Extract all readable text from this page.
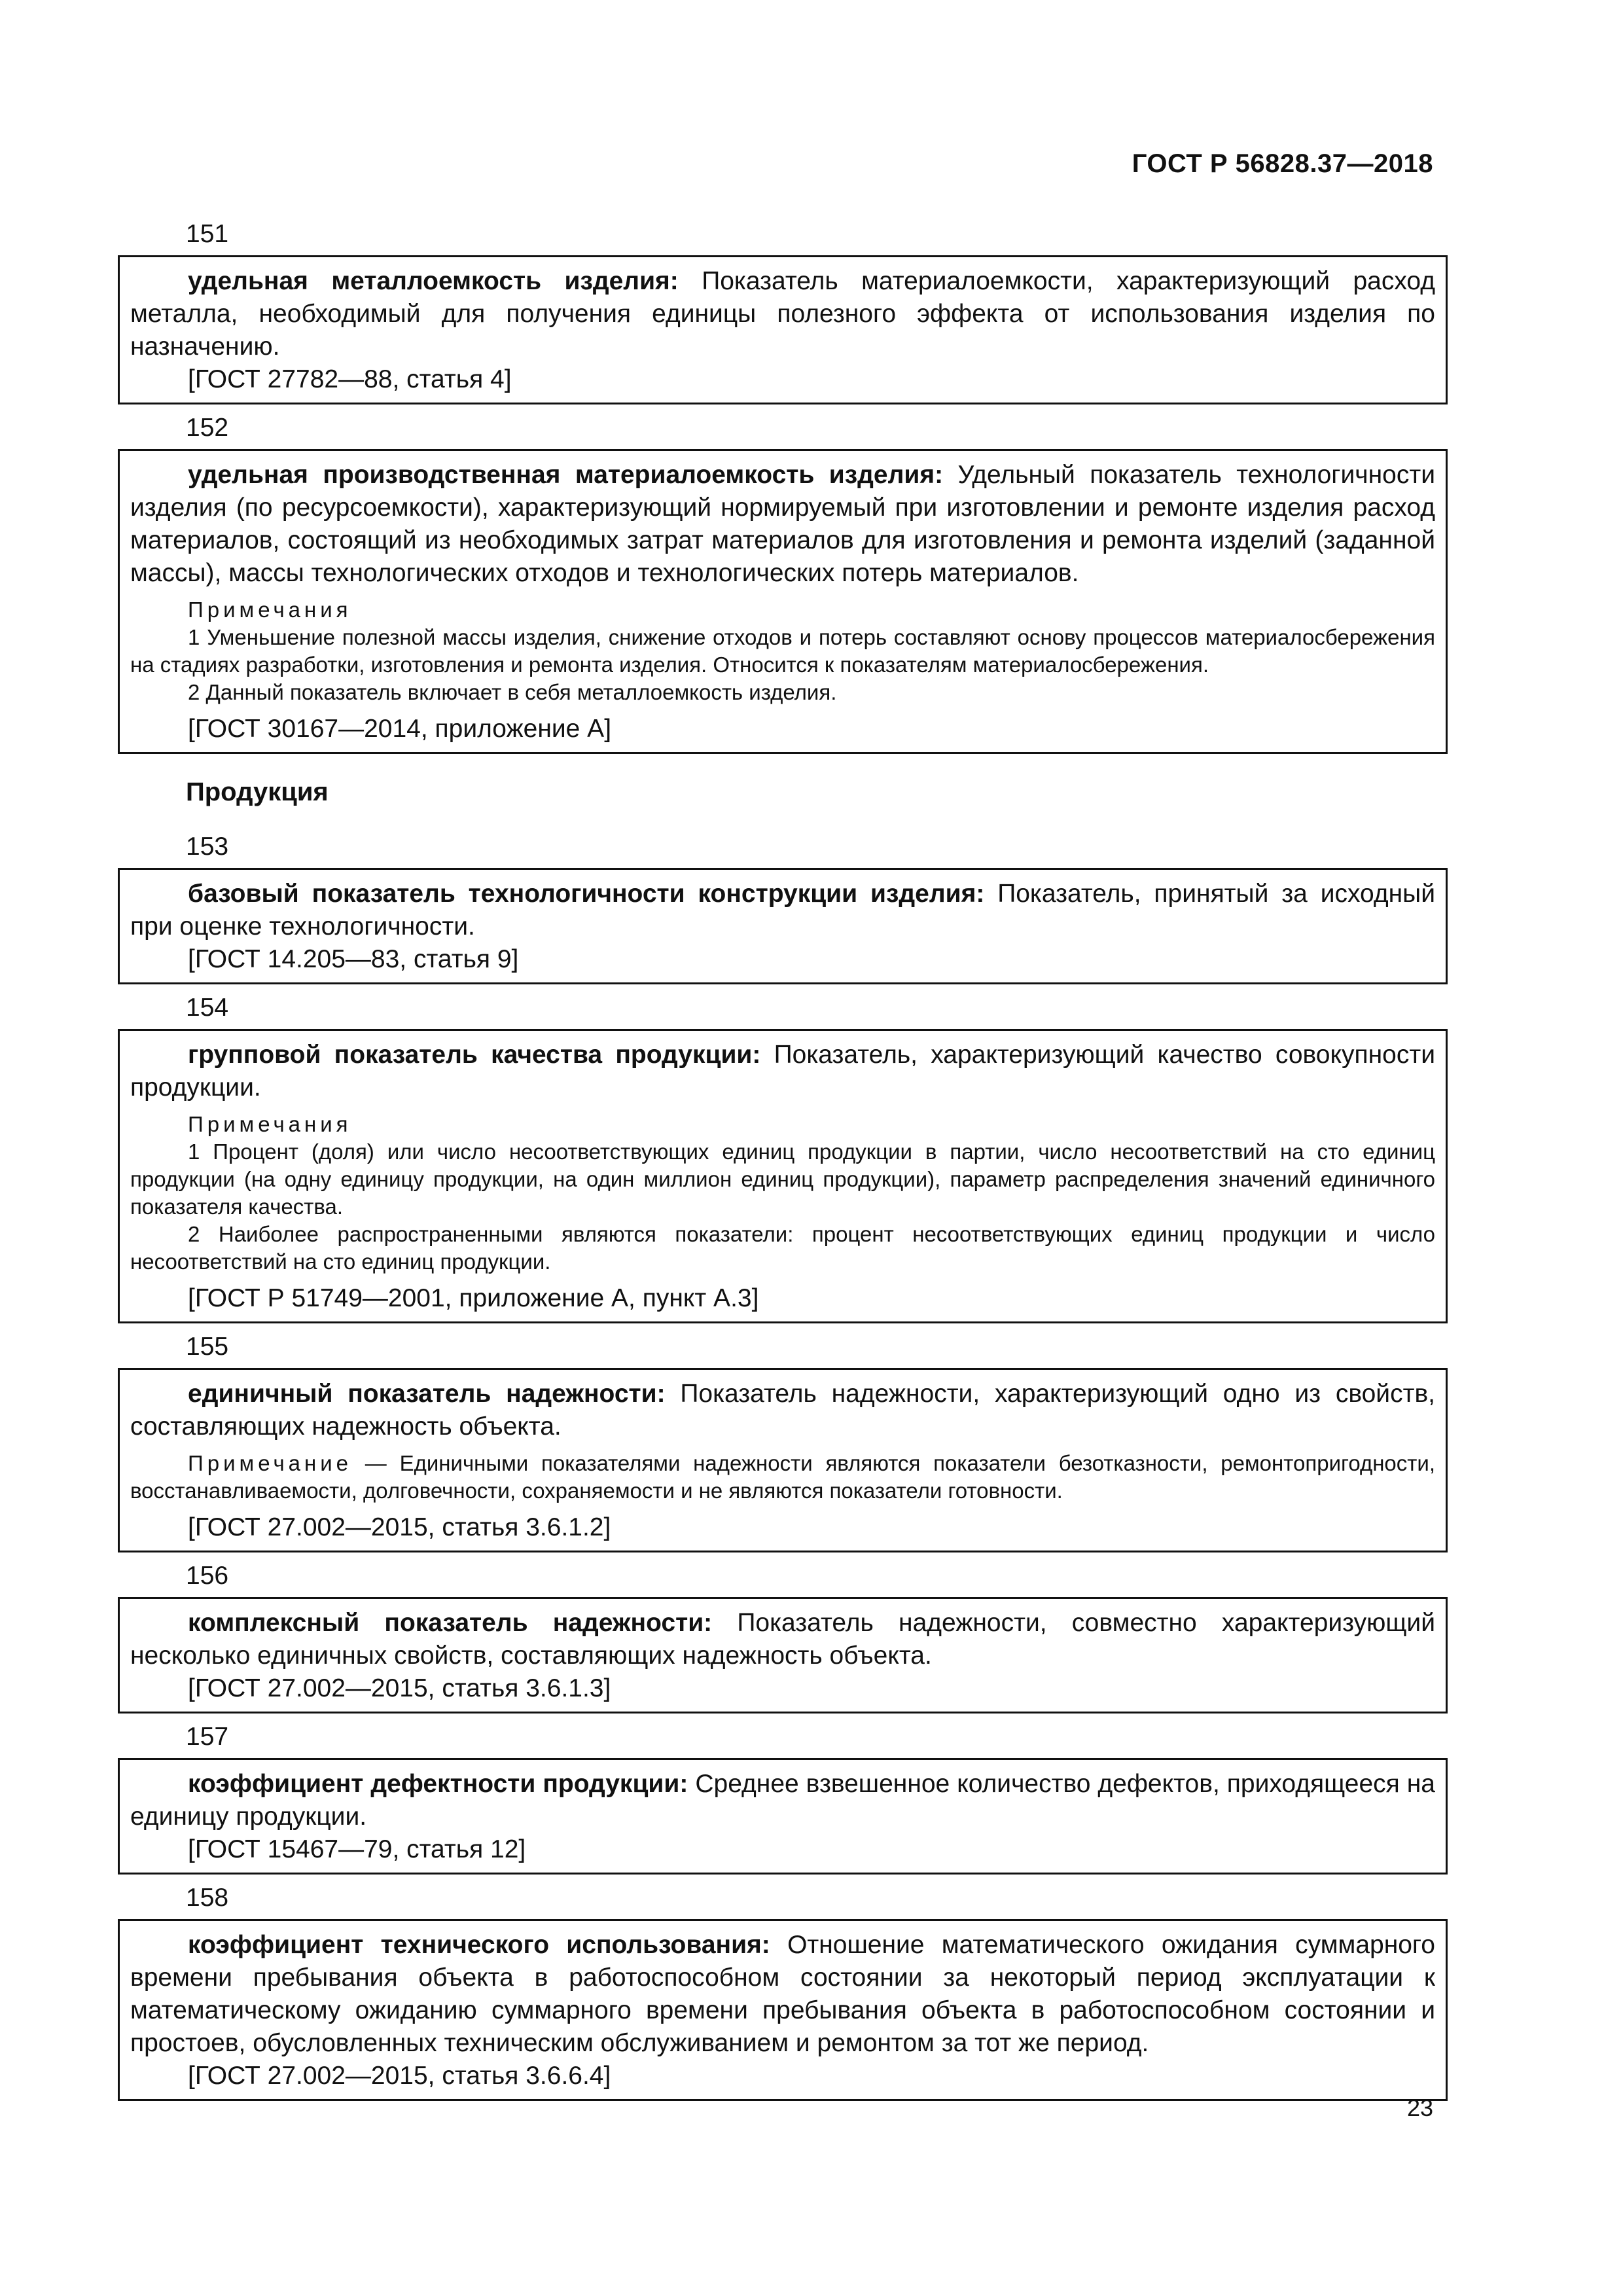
ГОСТ Р 56828.37—2018
151

удельная металлоемкость изделия: Показатель материалоемкости, характеризующий расход металла, необходимый для получения единицы полезного эффекта от использования изделия по назначению.

[ГОСТ 27782—88, статья 4]

152

удельная производственная материалоемкость изделия: Удельный показатель технологичности изделия (по ресурсоемкости), характеризующий нормируемый при изготовлении и ремонте изделия расход материалов, состоящий из необходимых затрат материалов для изготовления и ремонта изделий (заданной массы), массы технологических отходов и технологических потерь материалов.

Примечания

1 Уменьшение полезной массы изделия, снижение отходов и потерь составляют основу процессов материалосбережения на стадиях разработки, изготовления и ремонта изделия. Относится к показателям материалосбережения.

2 Данный показатель включает в себя металлоемкость изделия.

[ГОСТ 30167—2014, приложение А]

Продукция
153

базовый показатель технологичности конструкции изделия: Показатель, принятый за исходный при оценке технологичности.

[ГОСТ 14.205—83, статья 9]

154

групповой показатель качества продукции: Показатель, характеризующий качество совокупности продукции.

Примечания

1 Процент (доля) или число несоответствующих единиц продукции в партии, число несоответствий на сто единиц продукции (на одну единицу продукции, на один миллион единиц продукции), параметр распределения значений единичного показателя качества.

2 Наиболее распространенными являются показатели: процент несоответствующих единиц продукции и число несоответствий на сто единиц продукции.

[ГОСТ Р 51749—2001, приложение А, пункт А.3]

155

единичный показатель надежности: Показатель надежности, характеризующий одно из свойств, составляющих надежность объекта.

Примечание — Единичными показателями надежности являются показатели безотказности, ремонтопригодности, восстанавливаемости, долговечности, сохраняемости и не являются показатели готовности.

[ГОСТ 27.002—2015, статья 3.6.1.2]

156

комплексный показатель надежности: Показатель надежности, совместно характеризующий несколько единичных свойств, составляющих надежность объекта.

[ГОСТ 27.002—2015, статья 3.6.1.3]

157

коэффициент дефектности продукции: Среднее взвешенное количество дефектов, приходящееся на единицу продукции.

[ГОСТ 15467—79, статья 12]

158

коэффициент технического использования: Отношение математического ожидания суммарного времени пребывания объекта в работоспособном состоянии за некоторый период эксплуатации к математическому ожиданию суммарного времени пребывания объекта в работоспособном состоянии и простоев, обусловленных техническим обслуживанием и ремонтом за тот же период.

[ГОСТ 27.002—2015, статья 3.6.6.4]

23
